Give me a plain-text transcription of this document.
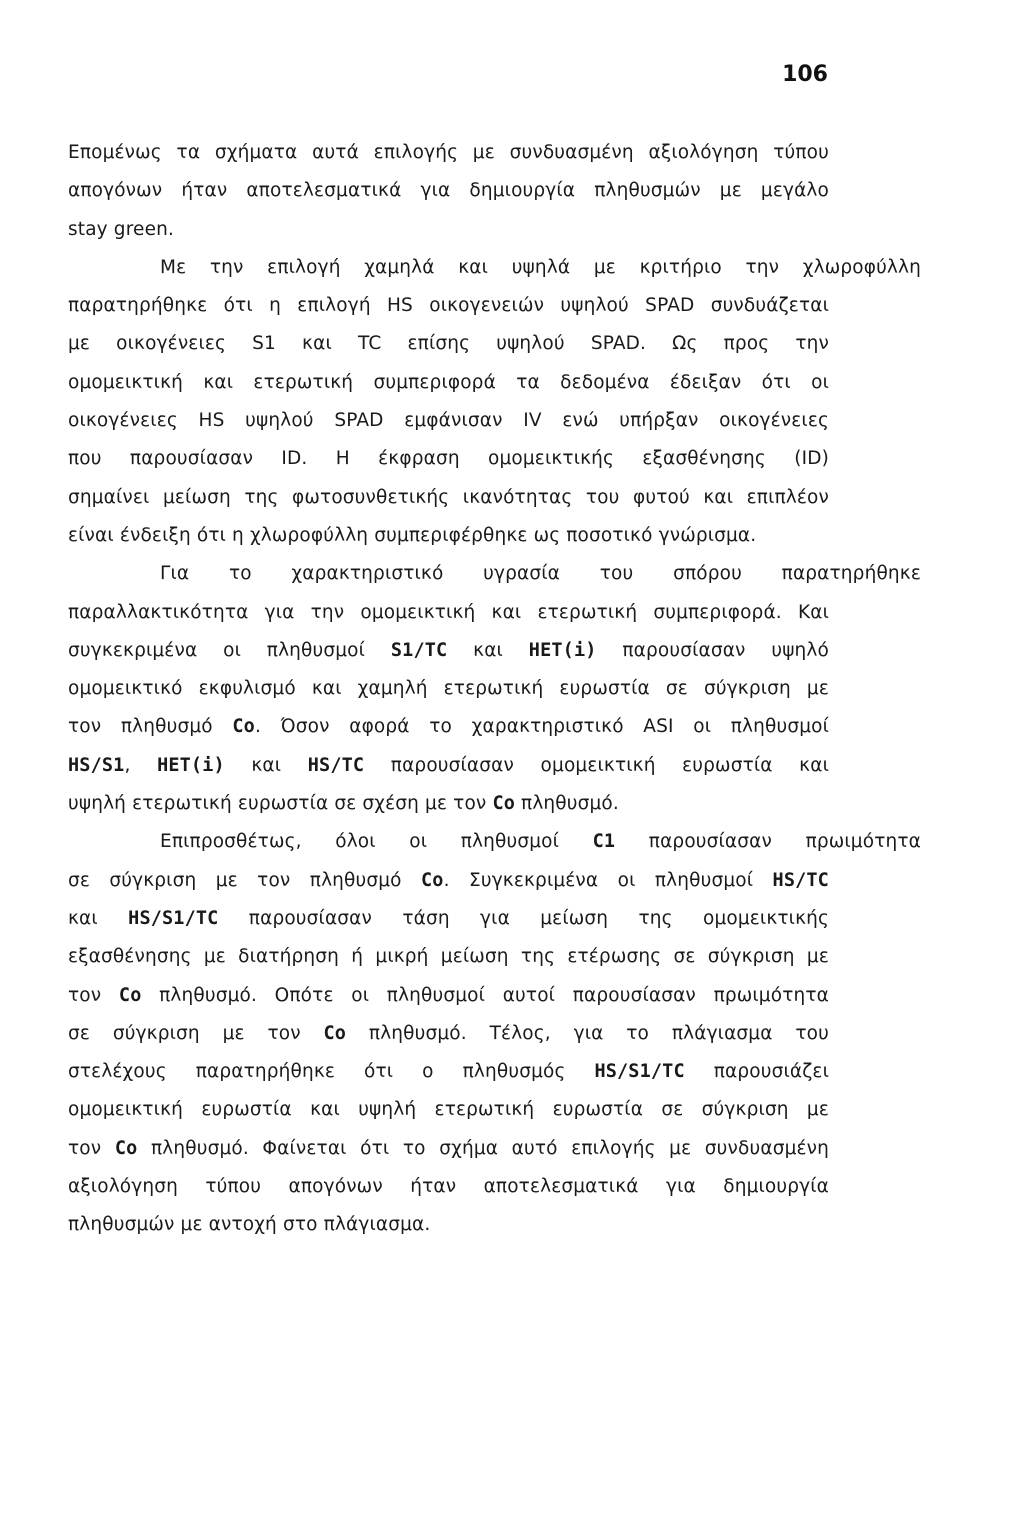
106
Επομένως τα σχήματα αυτά επιλογής με συνδυασμένη αξιολόγηση τύπου
απογόνων ήταν αποτελεσματικά για δημιουργία πληθυσμών με μεγάλο
stay green.
Με την επιλογή χαμηλά και υψηλά με κριτήριο την χλωροφύλλη
παρατηρήθηκε ότι η επιλογή HS οικογενειών υψηλού SPAD συνδυάζεται
με οικογένειες S1 και TC επίσης υψηλού SPAD. Ως προς την
ομομεικτική και ετερωτική συμπεριφορά τα δεδομένα έδειξαν ότι οι
οικογένειες HS υψηλού SPAD εμφάνισαν IV ενώ υπήρξαν οικογένειες
που παρουσίασαν ID. Η έκφραση ομομεικτικής εξασθένησης (ID)
σημαίνει μείωση της φωτοσυνθετικής ικανότητας του φυτού και επιπλέον
είναι ένδειξη ότι η χλωροφύλλη συμπεριφέρθηκε ως ποσοτικό γνώρισμα.
Για το χαρακτηριστικό υγρασία του σπόρου παρατηρήθηκε
παραλλακτικότητα για την ομομεικτική και ετερωτική συμπεριφορά. Και
συγκεκριμένα οι πληθυσμοί S1/TC και HET(i) παρουσίασαν υψηλό
ομομεικτικό εκφυλισμό και χαμηλή ετερωτική ευρωστία σε σύγκριση με
τον πληθυσμό Co. Όσον αφορά το χαρακτηριστικό ASI οι πληθυσμοί
HS/S1, HET(i) και HS/TC παρουσίασαν ομομεικτική ευρωστία και
υψηλή ετερωτική ευρωστία σε σχέση με τον Co πληθυσμό.
Επιπροσθέτως, όλοι οι πληθυσμοί C1 παρουσίασαν πρωιμότητα
σε σύγκριση με τον πληθυσμό Co. Συγκεκριμένα οι πληθυσμοί HS/TC
και HS/S1/TC παρουσίασαν τάση για μείωση της ομομεικτικής
εξασθένησης με διατήρηση ή μικρή μείωση της ετέρωσης σε σύγκριση με
τον Co πληθυσμό. Οπότε οι πληθυσμοί αυτοί παρουσίασαν πρωιμότητα
σε σύγκριση με τον Co πληθυσμό. Τέλος, για το πλάγιασμα του
στελέχους παρατηρήθηκε ότι ο πληθυσμός HS/S1/TC παρουσιάζει
ομομεικτική ευρωστία και υψηλή ετερωτική ευρωστία σε σύγκριση με
τον Co πληθυσμό. Φαίνεται ότι το σχήμα αυτό επιλογής με συνδυασμένη
αξιολόγηση τύπου απογόνων ήταν αποτελεσματικά για δημιουργία
πληθυσμών με αντοχή στο πλάγιασμα.
